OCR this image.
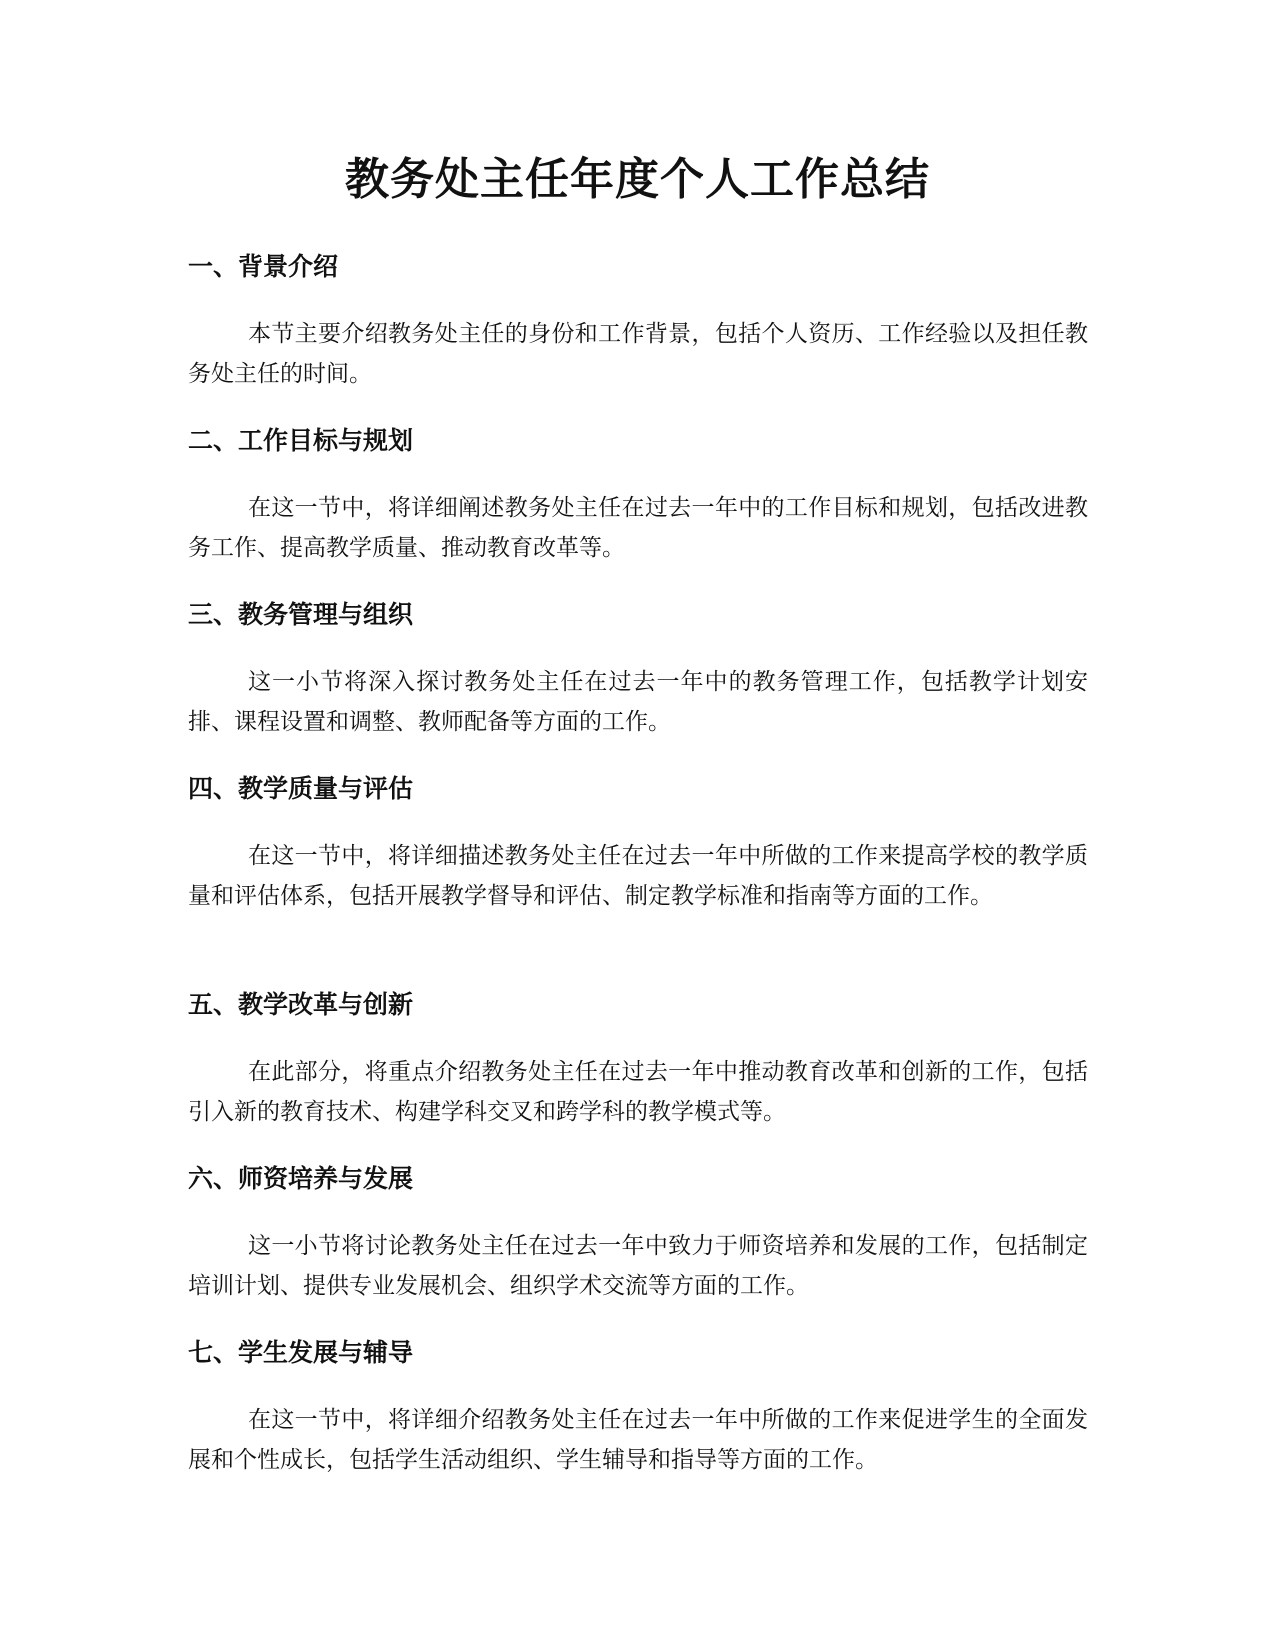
教务处主任年度个人工作总结
一、背景介绍

本节主要介绍教务处主任的身份和工作背景，包括个人资历、工作经验以及担任教务处主任的时间。

二、工作目标与规划

在这一节中，将详细阐述教务处主任在过去一年中的工作目标和规划，包括改进教务工作、提高教学质量、推动教育改革等。

三、教务管理与组织

这一小节将深入探讨教务处主任在过去一年中的教务管理工作，包括教学计划安排、课程设置和调整、教师配备等方面的工作。

四、教学质量与评估

在这一节中，将详细描述教务处主任在过去一年中所做的工作来提高学校的教学质量和评估体系，包括开展教学督导和评估、制定教学标准和指南等方面的工作。

五、教学改革与创新

在此部分，将重点介绍教务处主任在过去一年中推动教育改革和创新的工作，包括引入新的教育技术、构建学科交叉和跨学科的教学模式等。

六、师资培养与发展

这一小节将讨论教务处主任在过去一年中致力于师资培养和发展的工作，包括制定培训计划、提供专业发展机会、组织学术交流等方面的工作。

七、学生发展与辅导

在这一节中，将详细介绍教务处主任在过去一年中所做的工作来促进学生的全面发展和个性成长，包括学生活动组织、学生辅导和指导等方面的工作。
